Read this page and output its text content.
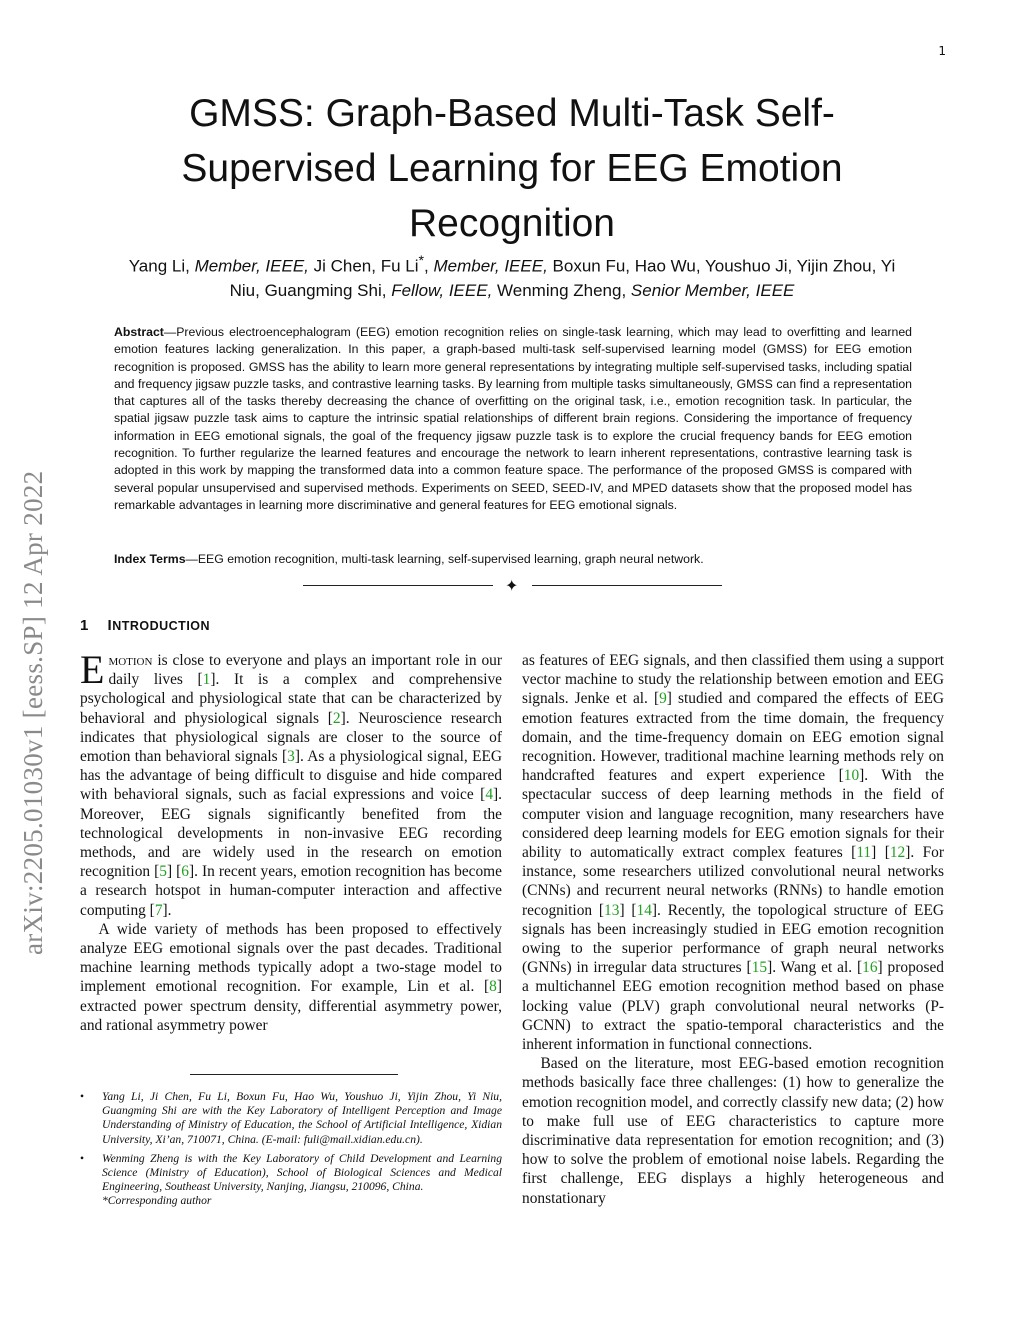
1
arXiv:2205.01030v1 [eess.SP] 12 Apr 2022
GMSS: Graph-Based Multi-Task Self-Supervised Learning for EEG Emotion Recognition
Yang Li, Member, IEEE, Ji Chen, Fu Li*, Member, IEEE, Boxun Fu, Hao Wu, Youshuo Ji, Yijin Zhou, Yi
Niu, Guangming Shi, Fellow, IEEE, Wenming Zheng, Senior Member, IEEE
Abstract—Previous electroencephalogram (EEG) emotion recognition relies on single-task learning, which may lead to overfitting and learned emotion features lacking generalization. In this paper, a graph-based multi-task self-supervised learning model (GMSS) for EEG emotion recognition is proposed. GMSS has the ability to learn more general representations by integrating multiple self-supervised tasks, including spatial and frequency jigsaw puzzle tasks, and contrastive learning tasks. By learning from multiple tasks simultaneously, GMSS can find a representation that captures all of the tasks thereby decreasing the chance of overfitting on the original task, i.e., emotion recognition task. In particular, the spatial jigsaw puzzle task aims to capture the intrinsic spatial relationships of different brain regions. Considering the importance of frequency information in EEG emotional signals, the goal of the frequency jigsaw puzzle task is to explore the crucial frequency bands for EEG emotion recognition. To further regularize the learned features and encourage the network to learn inherent representations, contrastive learning task is adopted in this work by mapping the transformed data into a common feature space. The performance of the proposed GMSS is compared with several popular unsupervised and supervised methods. Experiments on SEED, SEED-IV, and MPED datasets show that the proposed model has remarkable advantages in learning more discriminative and general features for EEG emotional signals.
Index Terms—EEG emotion recognition, multi-task learning, self-supervised learning, graph neural network.
✦
1 INTRODUCTION

Emotion is close to everyone and plays an important role in our daily lives [1]. It is a complex and comprehensive psychological and physiological state that can be characterized by behavioral and physiological signals [2]. Neuroscience research indicates that physiological signals are closer to the source of emotion than behavioral signals [3]. As a physiological signal, EEG has the advantage of being difficult to disguise and hide compared with behavioral signals, such as facial expressions and voice [4]. Moreover, EEG signals significantly benefited from the technological developments in non-invasive EEG recording methods, and are widely used in the research on emotion recognition [5] [6]. In recent years, emotion recognition has become a research hotspot in human-computer interaction and affective computing [7].

A wide variety of methods has been proposed to effectively analyze EEG emotional signals over the past decades. Traditional machine learning methods typically adopt a two-stage model to implement emotional recognition. For example, Lin et al. [8] extracted power spectrum density, differential asymmetry power, and rational asymmetry power

• Yang Li, Ji Chen, Fu Li, Boxun Fu, Hao Wu, Youshuo Ji, Yijin Zhou, Yi Niu, Guangming Shi are with the Key Laboratory of Intelligent Perception and Image Understanding of Ministry of Education, the School of Artificial Intelligence, Xidian University, Xi’an, 710071, China. (E-mail: fuli@mail.xidian.edu.cn).
• Wenming Zheng is with the Key Laboratory of Child Development and Learning Science (Ministry of Education), School of Biological Sciences and Medical Engineering, Southeast University, Nanjing, Jiangsu, 210096, China.
*Corresponding author

as features of EEG signals, and then classified them using a support vector machine to study the relationship between emotion and EEG signals. Jenke et al. [9] studied and compared the effects of EEG emotion features extracted from the time domain, the frequency domain, and the time-frequency domain on EEG emotion signal recognition. However, traditional machine learning methods rely on handcrafted features and expert experience [10]. With the spectacular success of deep learning methods in the field of computer vision and language recognition, many researchers have considered deep learning models for EEG emotion signals for their ability to automatically extract complex features [11] [12]. For instance, some researchers utilized convolutional neural networks (CNNs) and recurrent neural networks (RNNs) to handle emotion recognition [13] [14]. Recently, the topological structure of EEG signals has been increasingly studied in EEG emotion recognition owing to the superior performance of graph neural networks (GNNs) in irregular data structures [15]. Wang et al. [16] proposed a multichannel EEG emotion recognition method based on phase locking value (PLV) graph convolutional neural networks (P-GCNN) to extract the spatio-temporal characteristics and the inherent information in functional connections.

Based on the literature, most EEG-based emotion recognition methods basically face three challenges: (1) how to generalize the emotion recognition model, and correctly classify new data; (2) how to make full use of EEG characteristics to capture more discriminative data representation for emotion recognition; and (3) how to solve the problem of emotional noise labels. Regarding the first challenge, EEG displays a highly heterogeneous and nonstationary
